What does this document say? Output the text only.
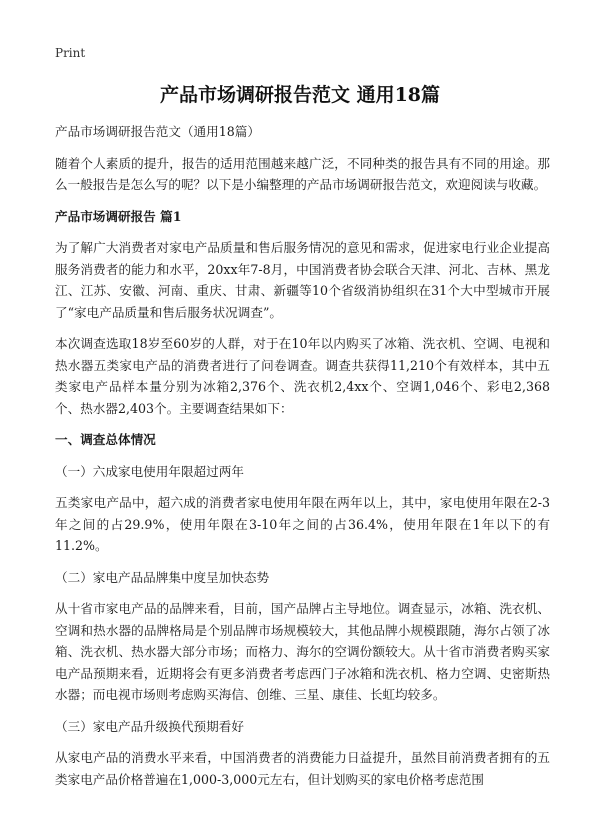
Print
产品市场调研报告范文 通用18篇

产品市场调研报告范文（通用18篇）

随着个人素质的提升，报告的适用范围越来越广泛，不同种类的报告具有不同的用途。那么一般报告是怎么写的呢？以下是小编整理的产品市场调研报告范文，欢迎阅读与收藏。

产品市场调研报告 篇1

为了解广大消费者对家电产品质量和售后服务情况的意见和需求，促进家电行业企业提高服务消费者的能力和水平，20xx年7-8月，中国消费者协会联合天津、河北、吉林、黑龙江、江苏、安徽、河南、重庆、甘肃、新疆等10个省级消协组织在31个大中型城市开展了“家电产品质量和售后服务状况调查”。

本次调查选取18岁至60岁的人群，对于在10年以内购买了冰箱、洗衣机、空调、电视和热水器五类家电产品的消费者进行了问卷调查。调查共获得11,210个有效样本，其中五类家电产品样本量分别为冰箱2,376个、洗衣机2,4xx个、空调1,046个、彩电2,368个、热水器2,403个。主要调查结果如下：

一、调查总体情况

（一）六成家电使用年限超过两年

五类家电产品中，超六成的消费者家电使用年限在两年以上，其中，家电使用年限在2-3年之间的占29.9%，使用年限在3-10年之间的占36.4%，使用年限在1年以下的有11.2%。

（二）家电产品品牌集中度呈加快态势

从十省市家电产品的品牌来看，目前，国产品牌占主导地位。调查显示，冰箱、洗衣机、空调和热水器的品牌格局是个别品牌市场规模较大，其他品牌小规模跟随，海尔占领了冰箱、洗衣机、热水器大部分市场；而格力、海尔的空调份额较大。从十省市消费者购买家电产品预期来看，近期将会有更多消费者考虑西门子冰箱和洗衣机、格力空调、史密斯热水器；而电视市场则考虑购买海信、创维、三星、康佳、长虹均较多。

（三）家电产品升级换代预期看好

从家电产品的消费水平来看，中国消费者的消费能力日益提升，虽然目前消费者拥有的五类家电产品价格普遍在1,000-3,000元左右，但计划购买的家电价格考虑范围
